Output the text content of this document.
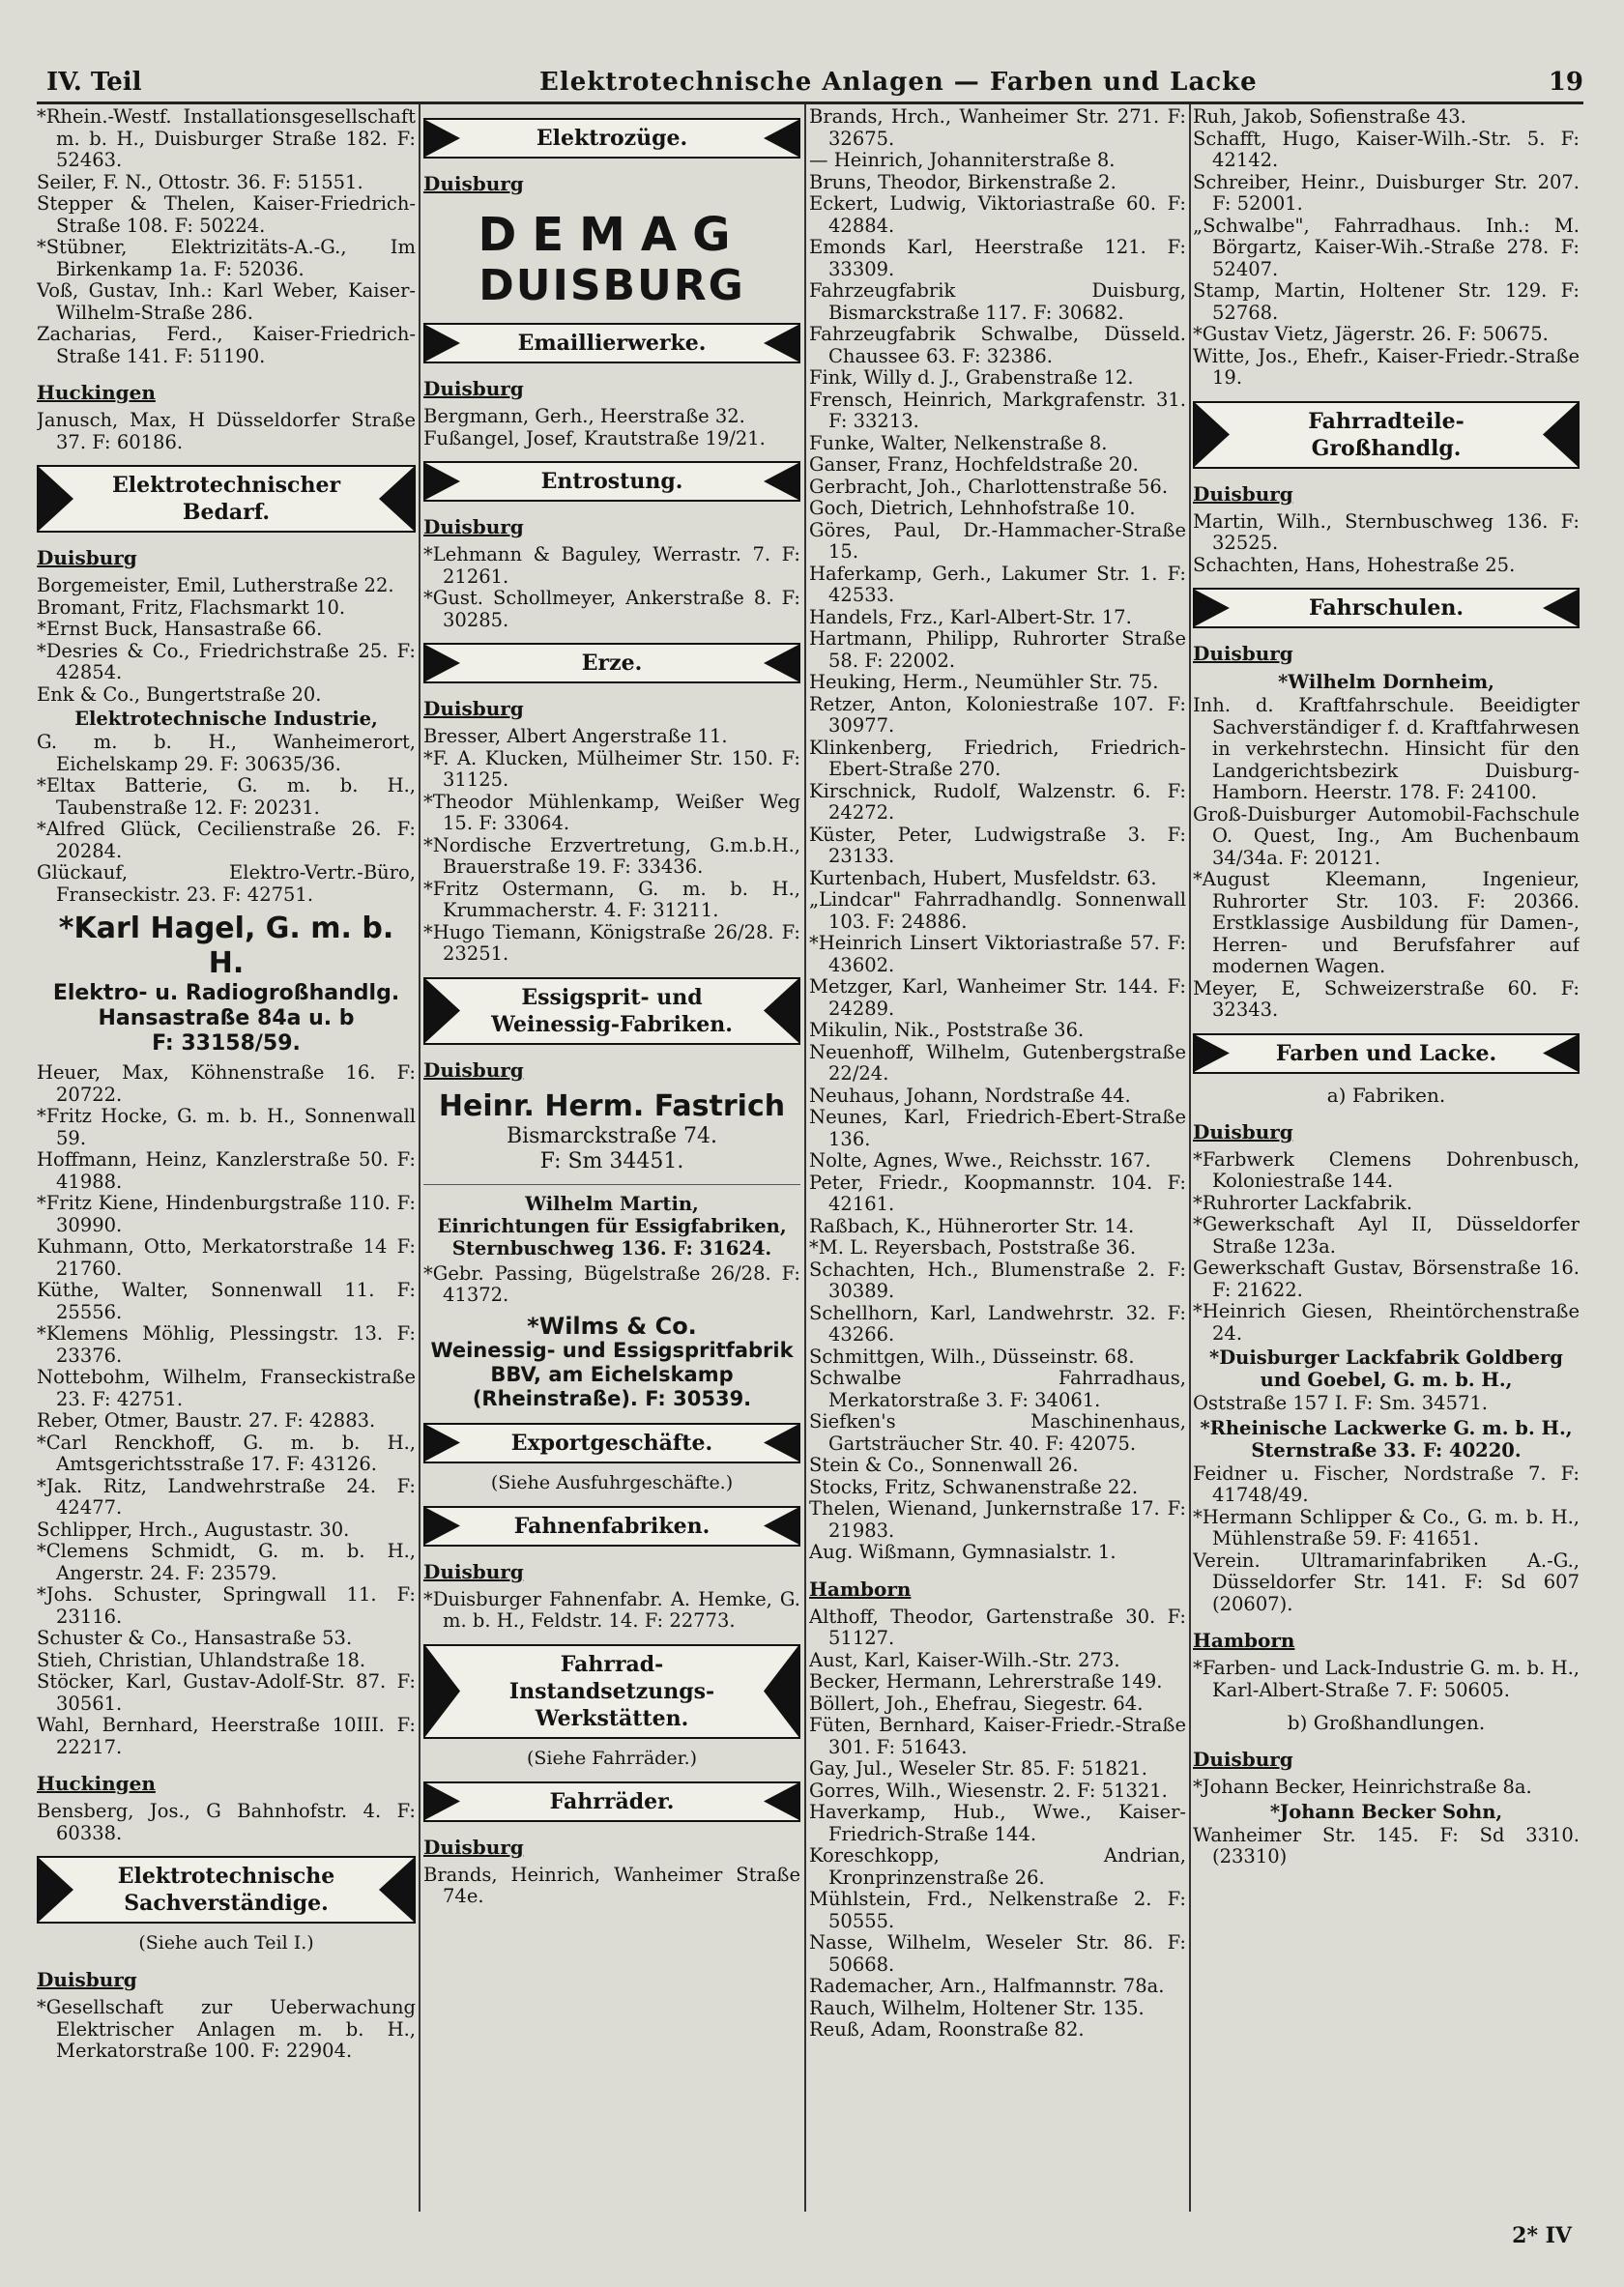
IV. Teil	Elektrotechnische Anlagen — Farben und Lacke	19

*Rhein.-Westf. Installationsgesellschaft m. b. H., Duisburger Straße 182. F: 52463.

Seiler, F. N., Ottostr. 36. F: 51551.

Stepper & Thelen, Kaiser-Friedrich-Straße 108. F: 50224.

*Stübner, Elektrizitäts-A.-G., Im Birkenkamp 1a. F: 52036.

Voß, Gustav, Inh.: Karl Weber, Kaiser-Wilhelm-Straße 286.

Zacharias, Ferd., Kaiser-Friedrich-Straße 141. F: 51190.

Huckingen

Janusch, Max, H Düsseldorfer Straße 37. F: 60186.

Elektrotechnischer Bedarf.
Duisburg

Borgemeister, Emil, Lutherstraße 22.

Bromant, Fritz, Flachsmarkt 10.

*Ernst Buck, Hansastraße 66.

*Desries & Co., Friedrichstraße 25. F: 42854.

Enk & Co., Bungertstraße 20.

Elektrotechnische Industrie,

G. m. b. H., Wanheimerort, Eichelskamp 29. F: 30635/36.

*Eltax Batterie, G. m. b. H., Taubenstraße 12. F: 20231.

*Alfred Glück, Cecilienstraße 26. F: 20284.

Glückauf, Elektro-Vertr.-Büro, Franseckistr. 23. F: 42751.

*Karl Hagel, G. m. b. H.
Elektro- u. Radiogroßhandlg.
Hansastraße 84a u. b
F: 33158/59.

Heuer, Max, Köhnenstraße 16. F: 20722.

*Fritz Hocke, G. m. b. H., Sonnenwall 59.

Hoffmann, Heinz, Kanzlerstraße 50. F: 41988.

*Fritz Kiene, Hindenburgstraße 110. F: 30990.

Kuhmann, Otto, Merkatorstraße 14 F: 21760.

Küthe, Walter, Sonnenwall 11. F: 25556.

*Klemens Möhlig, Plessingstr. 13. F: 23376.

Nottebohm, Wilhelm, Franseckistraße 23. F: 42751.

Reber, Otmer, Baustr. 27. F: 42883.

*Carl Renckhoff, G. m. b. H., Amtsgerichtsstraße 17. F: 43126.

*Jak. Ritz, Landwehrstraße 24. F: 42477.

Schlipper, Hrch., Augustastr. 30.

*Clemens Schmidt, G. m. b. H., Angerstr. 24. F: 23579.

*Johs. Schuster, Springwall 11. F: 23116.

Schuster & Co., Hansastraße 53.

Stieh, Christian, Uhlandstraße 18.

Stöcker, Karl, Gustav-Adolf-Str. 87. F: 30561.

Wahl, Bernhard, Heerstraße 10III. F: 22217.

Huckingen

Bensberg, Jos., G Bahnhofstr. 4. F: 60338.

Elektrotechnische Sachverständige.
(Siehe auch Teil I.)
Duisburg

*Gesellschaft zur Ueberwachung Elektrischer Anlagen m. b. H., Merkatorstraße 100. F: 22904.

Elektrozüge.
Duisburg
DEMAG
DUISBURG
Emaillierwerke.
Duisburg

Bergmann, Gerh., Heerstraße 32.

Fußangel, Josef, Krautstraße 19/21.

Entrostung.
Duisburg

*Lehmann & Baguley, Werrastr. 7. F: 21261.

*Gust. Schollmeyer, Ankerstraße 8. F: 30285.

Erze.
Duisburg

Bresser, Albert Angerstraße 11.

*F. A. Klucken, Mülheimer Str. 150. F: 31125.

*Theodor Mühlenkamp, Weißer Weg 15. F: 33064.

*Nordische Erzvertretung, G.m.b.H., Brauerstraße 19. F: 33436.

*Fritz Ostermann, G. m. b. H., Krummacherstr. 4. F: 31211.

*Hugo Tiemann, Königstraße 26/28. F: 23251.

Essigsprit- und Weinessig-Fabriken.
Duisburg
Heinr. Herm. Fastrich
Bismarckstraße 74.
F: Sm 34451.
Wilhelm Martin,
Einrichtungen für Essigfabriken, Sternbuschweg 136. F: 31624.

*Gebr. Passing, Bügelstraße 26/28. F: 41372.

*Wilms & Co.
Weinessig- und Essigspritfabrik BBV, am Eichelskamp (Rheinstraße). F: 30539.
Exportgeschäfte.
(Siehe Ausfuhrgeschäfte.)
Fahnenfabriken.
Duisburg

*Duisburger Fahnenfabr. A. Hemke, G. m. b. H., Feldstr. 14. F: 22773.

Fahrrad-Instandsetzungs-Werkstätten.
(Siehe Fahrräder.)
Fahrräder.
Duisburg

Brands, Heinrich, Wanheimer Straße 74e.

Brands, Hrch., Wanheimer Str. 271. F: 32675.

— Heinrich, Johanniterstraße 8.

Bruns, Theodor, Birkenstraße 2.

Eckert, Ludwig, Viktoriastraße 60. F: 42884.

Emonds Karl, Heerstraße 121. F: 33309.

Fahrzeugfabrik Duisburg, Bismarckstraße 117. F: 30682.

Fahrzeugfabrik Schwalbe, Düsseld. Chaussee 63. F: 32386.

Fink, Willy d. J., Grabenstraße 12.

Frensch, Heinrich, Markgrafenstr. 31. F: 33213.

Funke, Walter, Nelkenstraße 8.

Ganser, Franz, Hochfeldstraße 20.

Gerbracht, Joh., Charlottenstraße 56.

Goch, Dietrich, Lehnhofstraße 10.

Göres, Paul, Dr.-Hammacher-Straße 15.

Haferkamp, Gerh., Lakumer Str. 1. F: 42533.

Handels, Frz., Karl-Albert-Str. 17.

Hartmann, Philipp, Ruhrorter Straße 58. F: 22002.

Heuking, Herm., Neumühler Str. 75.

Retzer, Anton, Koloniestraße 107. F: 30977.

Klinkenberg, Friedrich, Friedrich-Ebert-Straße 270.

Kirschnick, Rudolf, Walzenstr. 6. F: 24272.

Küster, Peter, Ludwigstraße 3. F: 23133.

Kurtenbach, Hubert, Musfeldstr. 63.

„Lindcar" Fahrradhandlg. Sonnenwall 103. F: 24886.

*Heinrich Linsert Viktoriastraße 57. F: 43602.

Metzger, Karl, Wanheimer Str. 144. F: 24289.

Mikulin, Nik., Poststraße 36.

Neuenhoff, Wilhelm, Gutenbergstraße 22/24.

Neuhaus, Johann, Nordstraße 44.

Neunes, Karl, Friedrich-Ebert-Straße 136.

Nolte, Agnes, Wwe., Reichsstr. 167.

Peter, Friedr., Koopmannstr. 104. F: 42161.

Raßbach, K., Hühnerorter Str. 14.

*M. L. Reyersbach, Poststraße 36.

Schachten, Hch., Blumenstraße 2. F: 30389.

Schellhorn, Karl, Landwehrstr. 32. F: 43266.

Schmittgen, Wilh., Düsseinstr. 68.

Schwalbe Fahrradhaus, Merkatorstraße 3. F: 34061.

Siefken's Maschinenhaus, Gartsträucher Str. 40. F: 42075.

Stein & Co., Sonnenwall 26.

Stocks, Fritz, Schwanenstraße 22.

Thelen, Wienand, Junkernstraße 17. F: 21983.

Aug. Wißmann, Gymnasialstr. 1.

Hamborn

Althoff, Theodor, Gartenstraße 30. F: 51127.

Aust, Karl, Kaiser-Wilh.-Str. 273.

Becker, Hermann, Lehrerstraße 149.

Böllert, Joh., Ehefrau, Siegestr. 64.

Füten, Bernhard, Kaiser-Friedr.-Straße 301. F: 51643.

Gay, Jul., Weseler Str. 85. F: 51821.

Gorres, Wilh., Wiesenstr. 2. F: 51321.

Haverkamp, Hub., Wwe., Kaiser-Friedrich-Straße 144.

Koreschkopp, Andrian, Kronprinzenstraße 26.

Mühlstein, Frd., Nelkenstraße 2. F: 50555.

Nasse, Wilhelm, Weseler Str. 86. F: 50668.

Rademacher, Arn., Halfmannstr. 78a.

Rauch, Wilhelm, Holtener Str. 135.

Reuß, Adam, Roonstraße 82.

Ruh, Jakob, Sofienstraße 43.

Schafft, Hugo, Kaiser-Wilh.-Str. 5. F: 42142.

Schreiber, Heinr., Duisburger Str. 207. F: 52001.

„Schwalbe", Fahrradhaus. Inh.: M. Börgartz, Kaiser-Wih.-Straße 278. F: 52407.

Stamp, Martin, Holtener Str. 129. F: 52768.

*Gustav Vietz, Jägerstr. 26. F: 50675.

Witte, Jos., Ehefr., Kaiser-Friedr.-Straße 19.

Fahrradteile-Großhandlg.
Duisburg

Martin, Wilh., Sternbuschweg 136. F: 32525.

Schachten, Hans, Hohestraße 25.

Fahrschulen.
Duisburg
*Wilhelm Dornheim,

Inh. d. Kraftfahrschule. Beeidigter Sachverständiger f. d. Kraftfahrwesen in verkehrstechn. Hinsicht für den Landgerichtsbezirk Duisburg-Hamborn. Heerstr. 178. F: 24100.

Groß-Duisburger Automobil-Fachschule O. Quest, Ing., Am Buchenbaum 34/34a. F: 20121.

*August Kleemann, Ingenieur, Ruhrorter Str. 103. F: 20366. Erstklassige Ausbildung für Damen-, Herren- und Berufsfahrer auf modernen Wagen.

Meyer, E, Schweizerstraße 60. F: 32343.

Farben und Lacke.
a) Fabriken.
Duisburg

*Farbwerk Clemens Dohrenbusch, Koloniestraße 144.

*Ruhrorter Lackfabrik.

*Gewerkschaft Ayl II, Düsseldorfer Straße 123a.

Gewerkschaft Gustav, Börsenstraße 16. F: 21622.

*Heinrich Giesen, Rheintörchenstraße 24.

*Duisburger Lackfabrik Goldberg und Goebel, G. m. b. H.,

Oststraße 157 I. F: Sm. 34571.

*Rheinische Lackwerke G. m. b. H., Sternstraße 33. F: 40220.

Feidner u. Fischer, Nordstraße 7. F: 41748/49.

*Hermann Schlipper & Co., G. m. b. H., Mühlenstraße 59. F: 41651.

Verein. Ultramarinfabriken A.-G., Düsseldorfer Str. 141. F: Sd 607 (20607).

Hamborn

*Farben- und Lack-Industrie G. m. b. H., Karl-Albert-Straße 7. F: 50605.

b) Großhandlungen.
Duisburg

*Johann Becker, Heinrichstraße 8a.

*Johann Becker Sohn,

Wanheimer Str. 145. F: Sd 3310. (23310)

2* IV
